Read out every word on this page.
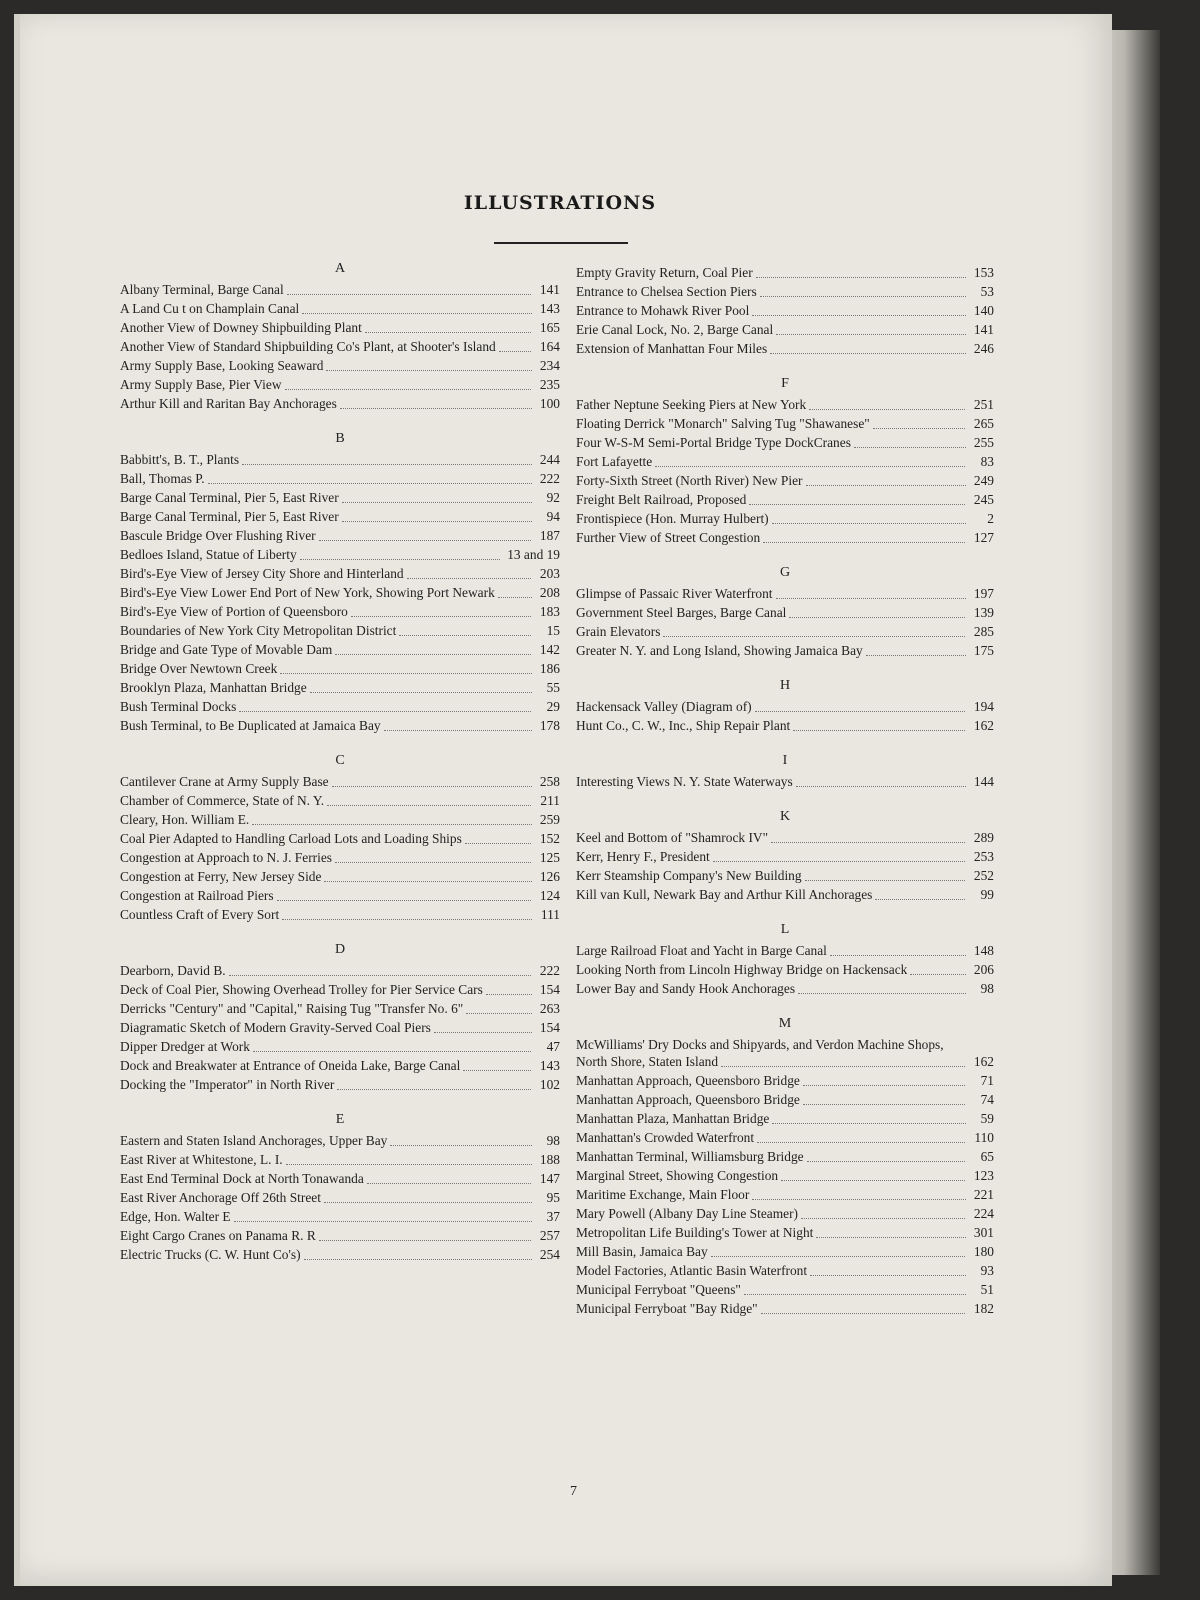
ILLUSTRATIONS
A
Albany Terminal, Barge Canal	141
A Land Cu t on Champlain Canal	143
Another View of Downey Shipbuilding Plant	165
Another View of Standard Shipbuilding Co's Plant, at Shooter's Island	164
Army Supply Base, Looking Seaward	234
Army Supply Base, Pier View	235
Arthur Kill and Raritan Bay Anchorages	100
B
Babbitt's, B. T., Plants	244
Ball, Thomas P.	222
Barge Canal Terminal, Pier 5, East River	92
Barge Canal Terminal, Pier 5, East River	94
Bascule Bridge Over Flushing River	187
Bedloes Island, Statue of Liberty	13 and 19
Bird's-Eye View of Jersey City Shore and Hinterland	203
Bird's-Eye View Lower End Port of New York, Showing Port Newark	208
Bird's-Eye View of Portion of Queensboro	183
Boundaries of New York City Metropolitan District	15
Bridge and Gate Type of Movable Dam	142
Bridge Over Newtown Creek	186
Brooklyn Plaza, Manhattan Bridge	55
Bush Terminal Docks	29
Bush Terminal, to Be Duplicated at Jamaica Bay	178
C
Cantilever Crane at Army Supply Base	258
Chamber of Commerce, State of N. Y.	211
Cleary, Hon. William E.	259
Coal Pier Adapted to Handling Carload Lots and Loading Ships	152
Congestion at Approach to N. J. Ferries	125
Congestion at Ferry, New Jersey Side	126
Congestion at Railroad Piers	124
Countless Craft of Every Sort	111
D
Dearborn, David B.	222
Deck of Coal Pier, Showing Overhead Trolley for Pier Service Cars	154
Derricks "Century" and "Capital," Raising Tug "Transfer No. 6"	263
Diagramatic Sketch of Modern Gravity-Served Coal Piers	154
Dipper Dredger at Work	47
Dock and Breakwater at Entrance of Oneida Lake, Barge Canal	143
Docking the "Imperator" in North River	102
E
Eastern and Staten Island Anchorages, Upper Bay	98
East River at Whitestone, L. I.	188
East End Terminal Dock at North Tonawanda	147
East River Anchorage Off 26th Street	95
Edge, Hon. Walter E	37
Eight Cargo Cranes on Panama R. R	257
Electric Trucks (C. W. Hunt Co's)	254
Empty Gravity Return, Coal Pier	153
Entrance to Chelsea Section Piers	53
Entrance to Mohawk River Pool	140
Erie Canal Lock, No. 2, Barge Canal	141
Extension of Manhattan Four Miles	246
F
Father Neptune Seeking Piers at New York	251
Floating Derrick "Monarch" Salving Tug "Shawanese"	265
Four W-S-M Semi-Portal Bridge Type DockCranes	255
Fort Lafayette	83
Forty-Sixth Street (North River) New Pier	249
Freight Belt Railroad, Proposed	245
Frontispiece (Hon. Murray Hulbert)	2
Further View of Street Congestion	127
G
Glimpse of Passaic River Waterfront	197
Government Steel Barges, Barge Canal	139
Grain Elevators	285
Greater N. Y. and Long Island, Showing Jamaica Bay	175
H
Hackensack Valley (Diagram of)	194
Hunt Co., C. W., Inc., Ship Repair Plant	162
I
Interesting Views N. Y. State Waterways	144
K
Keel and Bottom of "Shamrock IV"	289
Kerr, Henry F., President	253
Kerr Steamship Company's New Building	252
Kill van Kull, Newark Bay and Arthur Kill Anchorages	99
L
Large Railroad Float and Yacht in Barge Canal	148
Looking North from Lincoln Highway Bridge on Hackensack	206
Lower Bay and Sandy Hook Anchorages	98
M
McWilliams' Dry Docks and Shipyards, and Verdon Machine Shops, North Shore, Staten Island	162
Manhattan Approach, Queensboro Bridge	71
Manhattan Approach, Queensboro Bridge	74
Manhattan Plaza, Manhattan Bridge	59
Manhattan's Crowded Waterfront	110
Manhattan Terminal, Williamsburg Bridge	65
Marginal Street, Showing Congestion	123
Maritime Exchange, Main Floor	221
Mary Powell (Albany Day Line Steamer)	224
Metropolitan Life Building's Tower at Night	301
Mill Basin, Jamaica Bay	180
Model Factories, Atlantic Basin Waterfront	93
Municipal Ferryboat "Queens"	51
Municipal Ferryboat "Bay Ridge"	182
7
